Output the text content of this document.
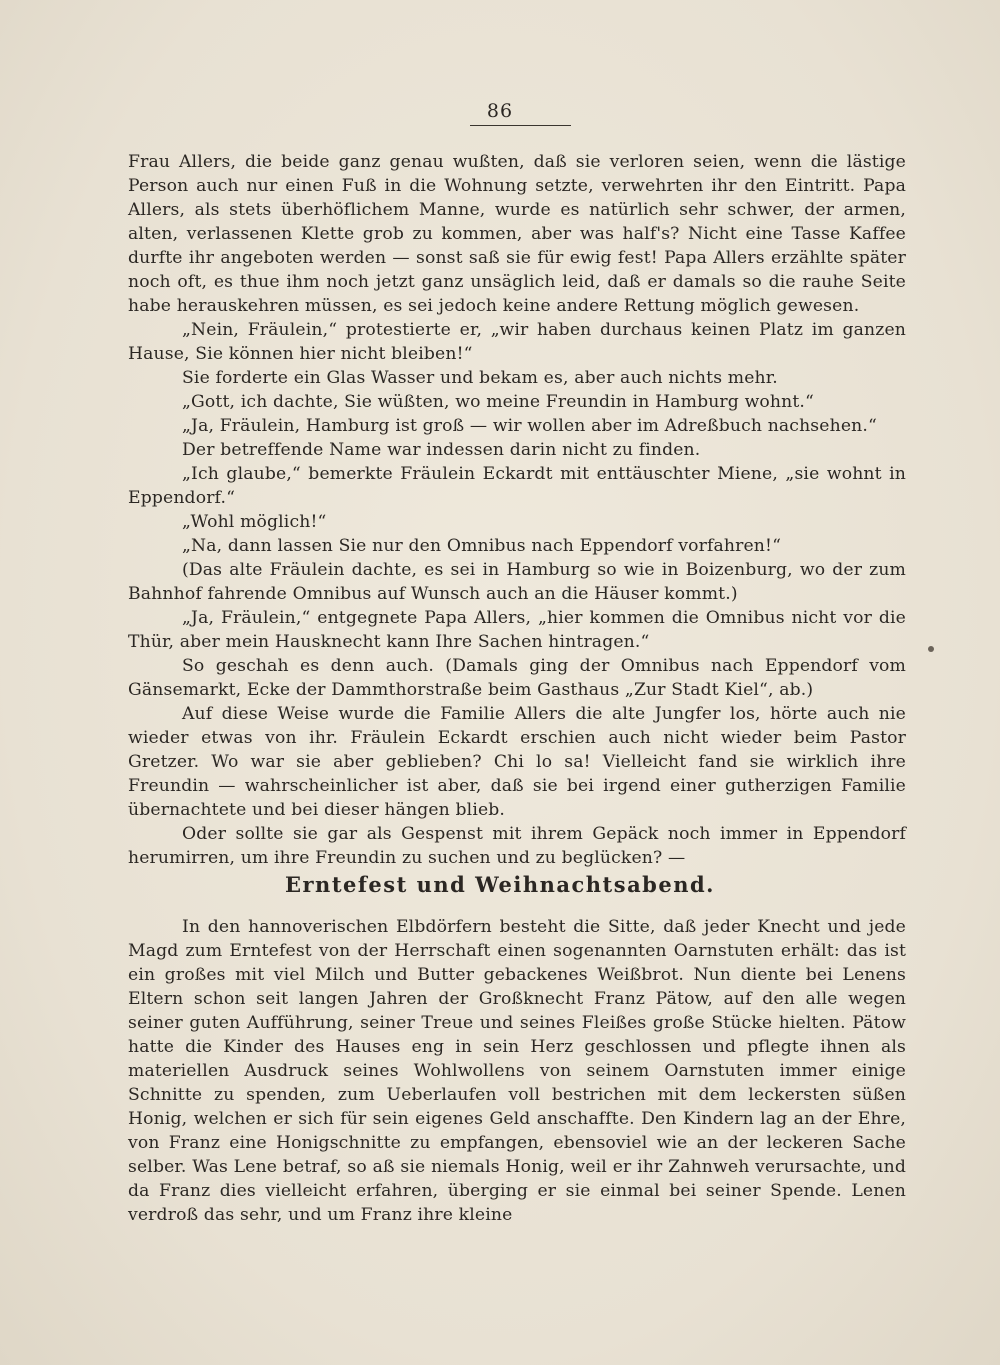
86

Frau Allers, die beide ganz genau wußten, daß sie verloren seien, wenn die lästige Person auch nur einen Fuß in die Wohnung setzte, verwehrten ihr den Eintritt. Papa Allers, als stets überhöflichem Manne, wurde es natürlich sehr schwer, der armen, alten, verlassenen Klette grob zu kommen, aber was half's? Nicht eine Tasse Kaffee durfte ihr angeboten werden — sonst saß sie für ewig fest! Papa Allers erzählte später noch oft, es thue ihm noch jetzt ganz unsäglich leid, daß er damals so die rauhe Seite habe herauskehren müssen, es sei jedoch keine andere Rettung möglich gewesen.

„Nein, Fräulein,“ protestierte er, „wir haben durchaus keinen Platz im ganzen Hause, Sie können hier nicht bleiben!“

Sie forderte ein Glas Wasser und bekam es, aber auch nichts mehr.

„Gott, ich dachte, Sie wüßten, wo meine Freundin in Hamburg wohnt.“

„Ja, Fräulein, Hamburg ist groß — wir wollen aber im Adreßbuch nachsehen.“

Der betreffende Name war indessen darin nicht zu finden.

„Ich glaube,“ bemerkte Fräulein Eckardt mit enttäuschter Miene, „sie wohnt in Eppendorf.“

„Wohl möglich!“

„Na, dann lassen Sie nur den Omnibus nach Eppendorf vorfahren!“

(Das alte Fräulein dachte, es sei in Hamburg so wie in Boizenburg, wo der zum Bahnhof fahrende Omnibus auf Wunsch auch an die Häuser kommt.)

„Ja, Fräulein,“ entgegnete Papa Allers, „hier kommen die Omnibus nicht vor die Thür, aber mein Hausknecht kann Ihre Sachen hintragen.“

So geschah es denn auch. (Damals ging der Omnibus nach Eppendorf vom Gänsemarkt, Ecke der Dammthorstraße beim Gasthaus „Zur Stadt Kiel“, ab.)

Auf diese Weise wurde die Familie Allers die alte Jungfer los, hörte auch nie wieder etwas von ihr. Fräulein Eckardt erschien auch nicht wieder beim Pastor Gretzer. Wo war sie aber geblieben? Chi lo sa! Vielleicht fand sie wirklich ihre Freundin — wahrscheinlicher ist aber, daß sie bei irgend einer gutherzigen Familie übernachtete und bei dieser hängen blieb.

Oder sollte sie gar als Gespenst mit ihrem Gepäck noch immer in Eppendorf herumirren, um ihre Freundin zu suchen und zu beglücken? —

Erntefest und Weihnachtsabend.

In den hannoverischen Elbdörfern besteht die Sitte, daß jeder Knecht und jede Magd zum Erntefest von der Herrschaft einen sogenannten Oarnstuten erhält: das ist ein großes mit viel Milch und Butter gebackenes Weißbrot. Nun diente bei Lenens Eltern schon seit langen Jahren der Großknecht Franz Pätow, auf den alle wegen seiner guten Aufführung, seiner Treue und seines Fleißes große Stücke hielten. Pätow hatte die Kinder des Hauses eng in sein Herz geschlossen und pflegte ihnen als materiellen Ausdruck seines Wohlwollens von seinem Oarnstuten immer einige Schnitte zu spenden, zum Ueberlaufen voll bestrichen mit dem leckersten süßen Honig, welchen er sich für sein eigenes Geld anschaffte. Den Kindern lag an der Ehre, von Franz eine Honigschnitte zu empfangen, ebensoviel wie an der leckeren Sache selber. Was Lene betraf, so aß sie niemals Honig, weil er ihr Zahnweh verursachte, und da Franz dies vielleicht erfahren, überging er sie einmal bei seiner Spende. Lenen verdroß das sehr, und um Franz ihre kleine
